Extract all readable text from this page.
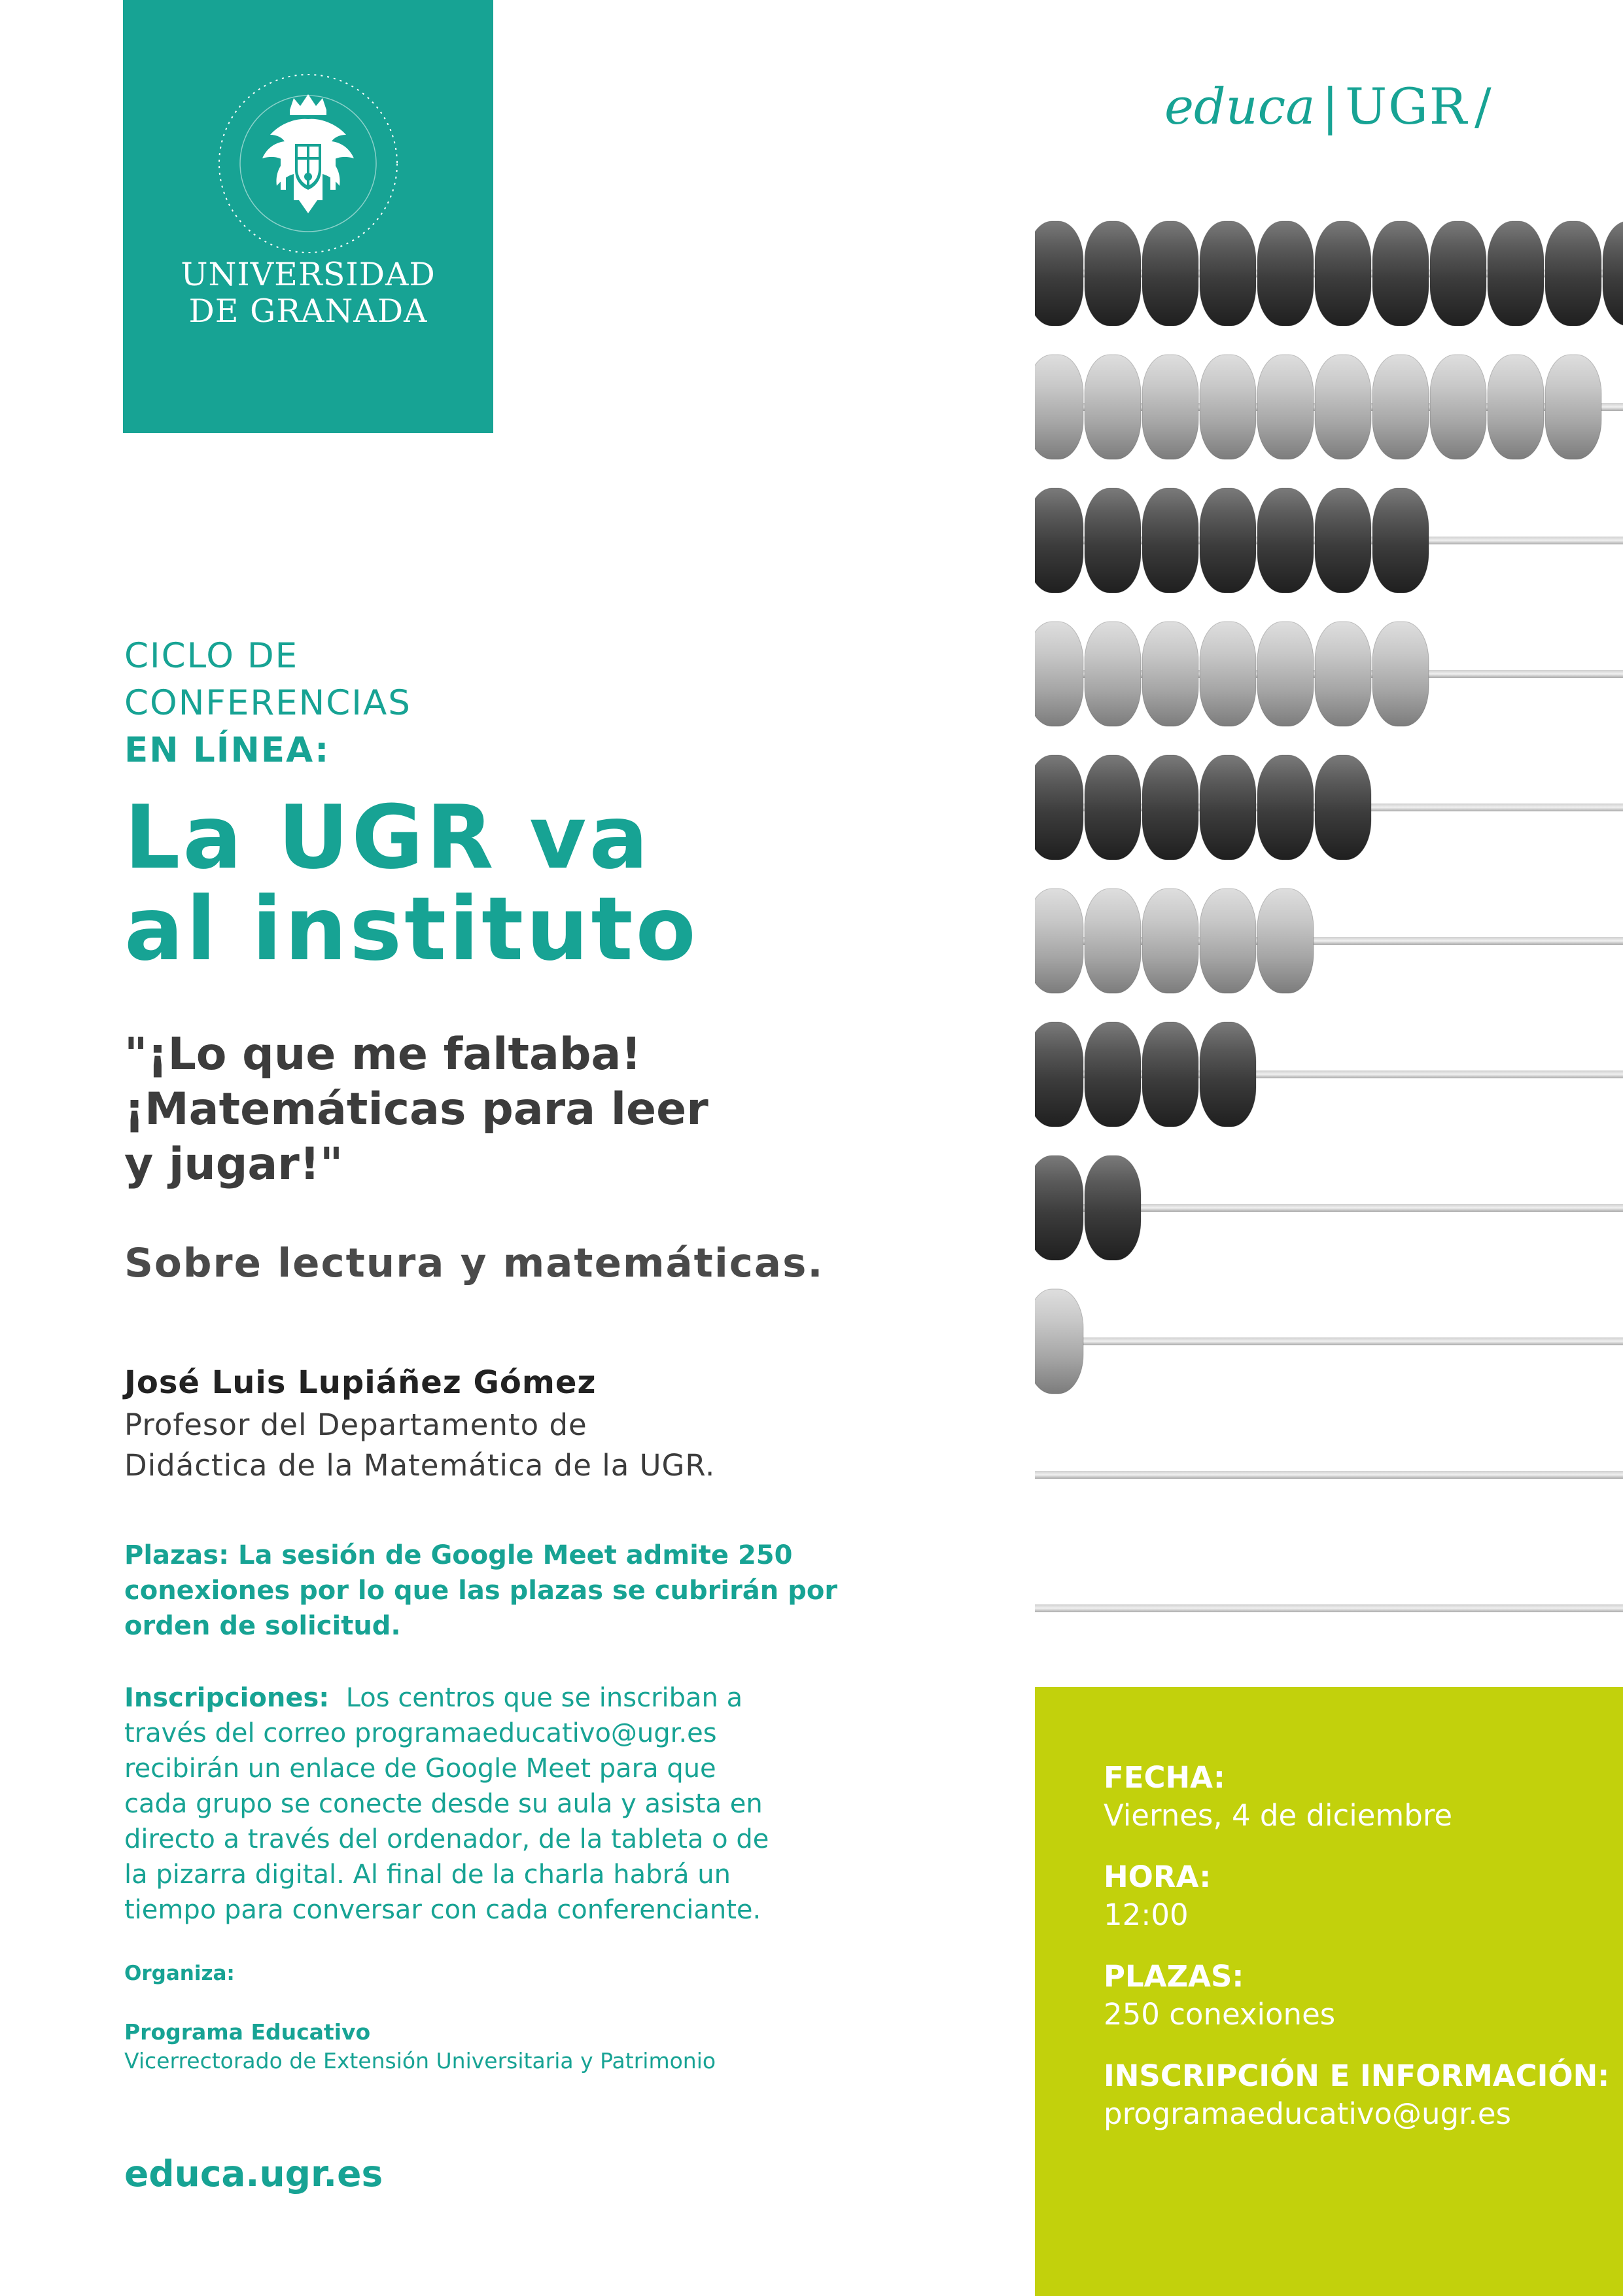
UNIVERSIDAD
DE GRANADA
educa | UGR /
CICLO DE
CONFERENCIAS
EN LÍNEA:
La UGR va
al instituto
"¡Lo que me faltaba!
¡Matemáticas para leer
y jugar!"
Sobre lectura y matemáticas.
José Luis Lupiáñez Gómez
Profesor del Departamento de
Didáctica de la Matemática de la UGR.
Plazas: La sesión de Google Meet admite 250
conexiones por lo que las plazas se cubrirán por
orden de solicitud.
Inscripciones: Los centros que se inscriban a
través del correo programaeducativo@ugr.es
recibirán un enlace de Google Meet para que
cada grupo se conecte desde su aula y asista en
directo a través del ordenador, de la tableta o de
la pizarra digital. Al final de la charla habrá un
tiempo para conversar con cada conferenciante.
Organiza:
Programa Educativo
Vicerrectorado de Extensión Universitaria y Patrimonio
educa.ugr.es
FECHA:
Viernes, 4 de diciembre
HORA:
12:00
PLAZAS:
250 conexiones
INSCRIPCIÓN E INFORMACIÓN:
programaeducativo@ugr.es
